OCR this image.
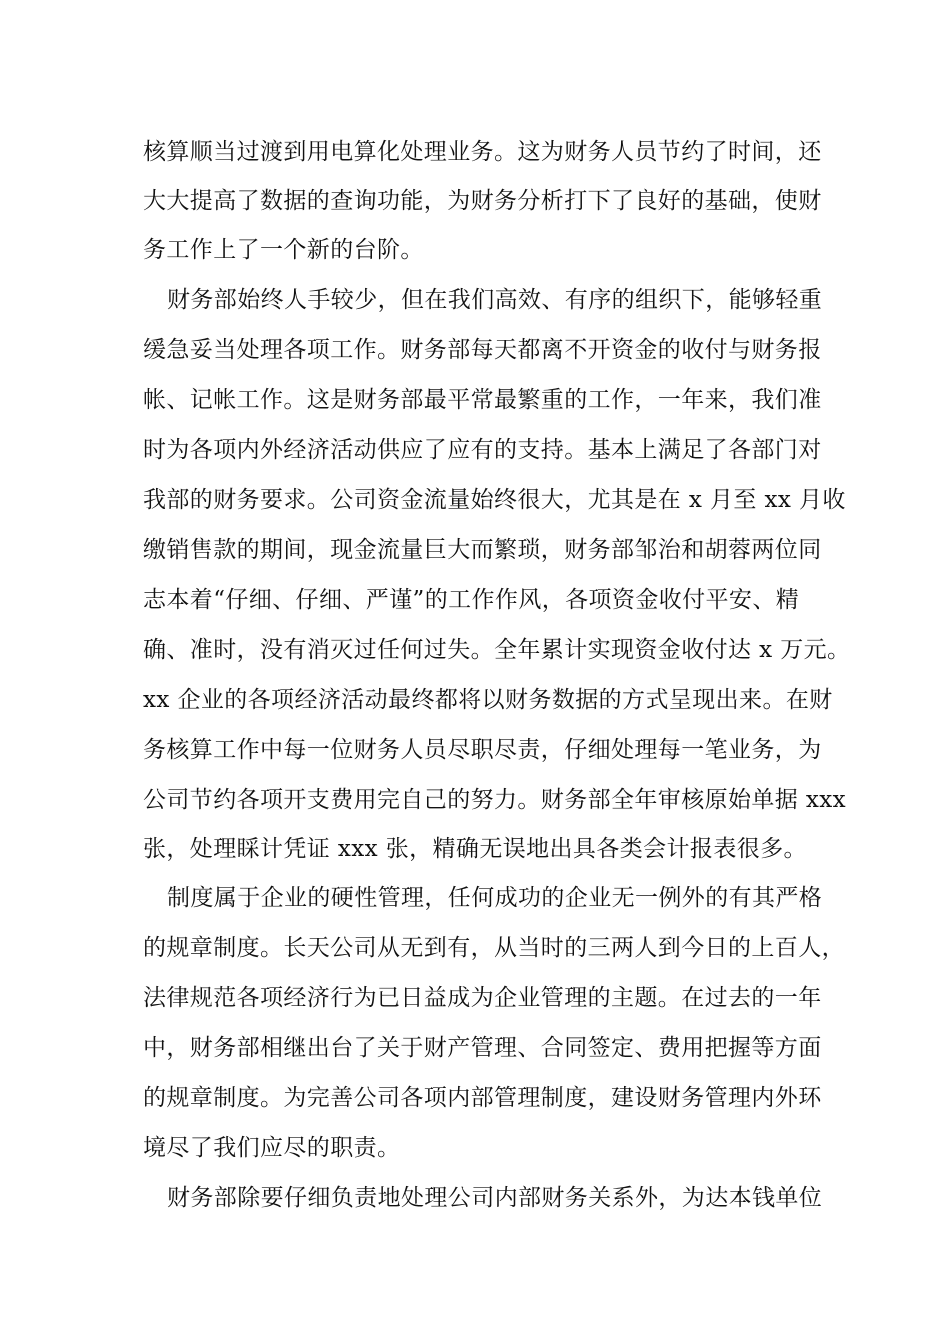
核算顺当过渡到用电算化处理业务。这为财务人员节约了时间，还
大大提高了数据的查询功能，为财务分析打下了良好的基础，使财
务工作上了一个新的台阶。
财务部始终人手较少，但在我们高效、有序的组织下，能够轻重
缓急妥当处理各项工作。财务部每天都离不开资金的收付与财务报
帐、记帐工作。这是财务部最平常最繁重的工作，一年来，我们准
时为各项内外经济活动供应了应有的支持。基本上满足了各部门对
我部的财务要求。公司资金流量始终很大，尤其是在 x 月至 xx 月收
缴销售款的期间，现金流量巨大而繁琐，财务部邹治和胡蓉两位同
志本着“仔细、仔细、严谨”的工作作风，各项资金收付平安、精
确、准时，没有消灭过任何过失。全年累计实现资金收付达 x 万元。
xx 企业的各项经济活动最终都将以财务数据的方式呈现出来。在财
务核算工作中每一位财务人员尽职尽责，仔细处理每一笔业务，为
公司节约各项开支费用完自己的努力。财务部全年审核原始单据 xxx
张，处理睬计凭证 xxx 张，精确无误地出具各类会计报表很多。
制度属于企业的硬性管理，任何成功的企业无一例外的有其严格
的规章制度。长天公司从无到有，从当时的三两人到今日的上百人，
法律规范各项经济行为已日益成为企业管理的主题。在过去的一年
中，财务部相继出台了关于财产管理、合同签定、费用把握等方面
的规章制度。为完善公司各项内部管理制度，建设财务管理内外环
境尽了我们应尽的职责。
财务部除要仔细负责地处理公司内部财务关系外，为达本钱单位
